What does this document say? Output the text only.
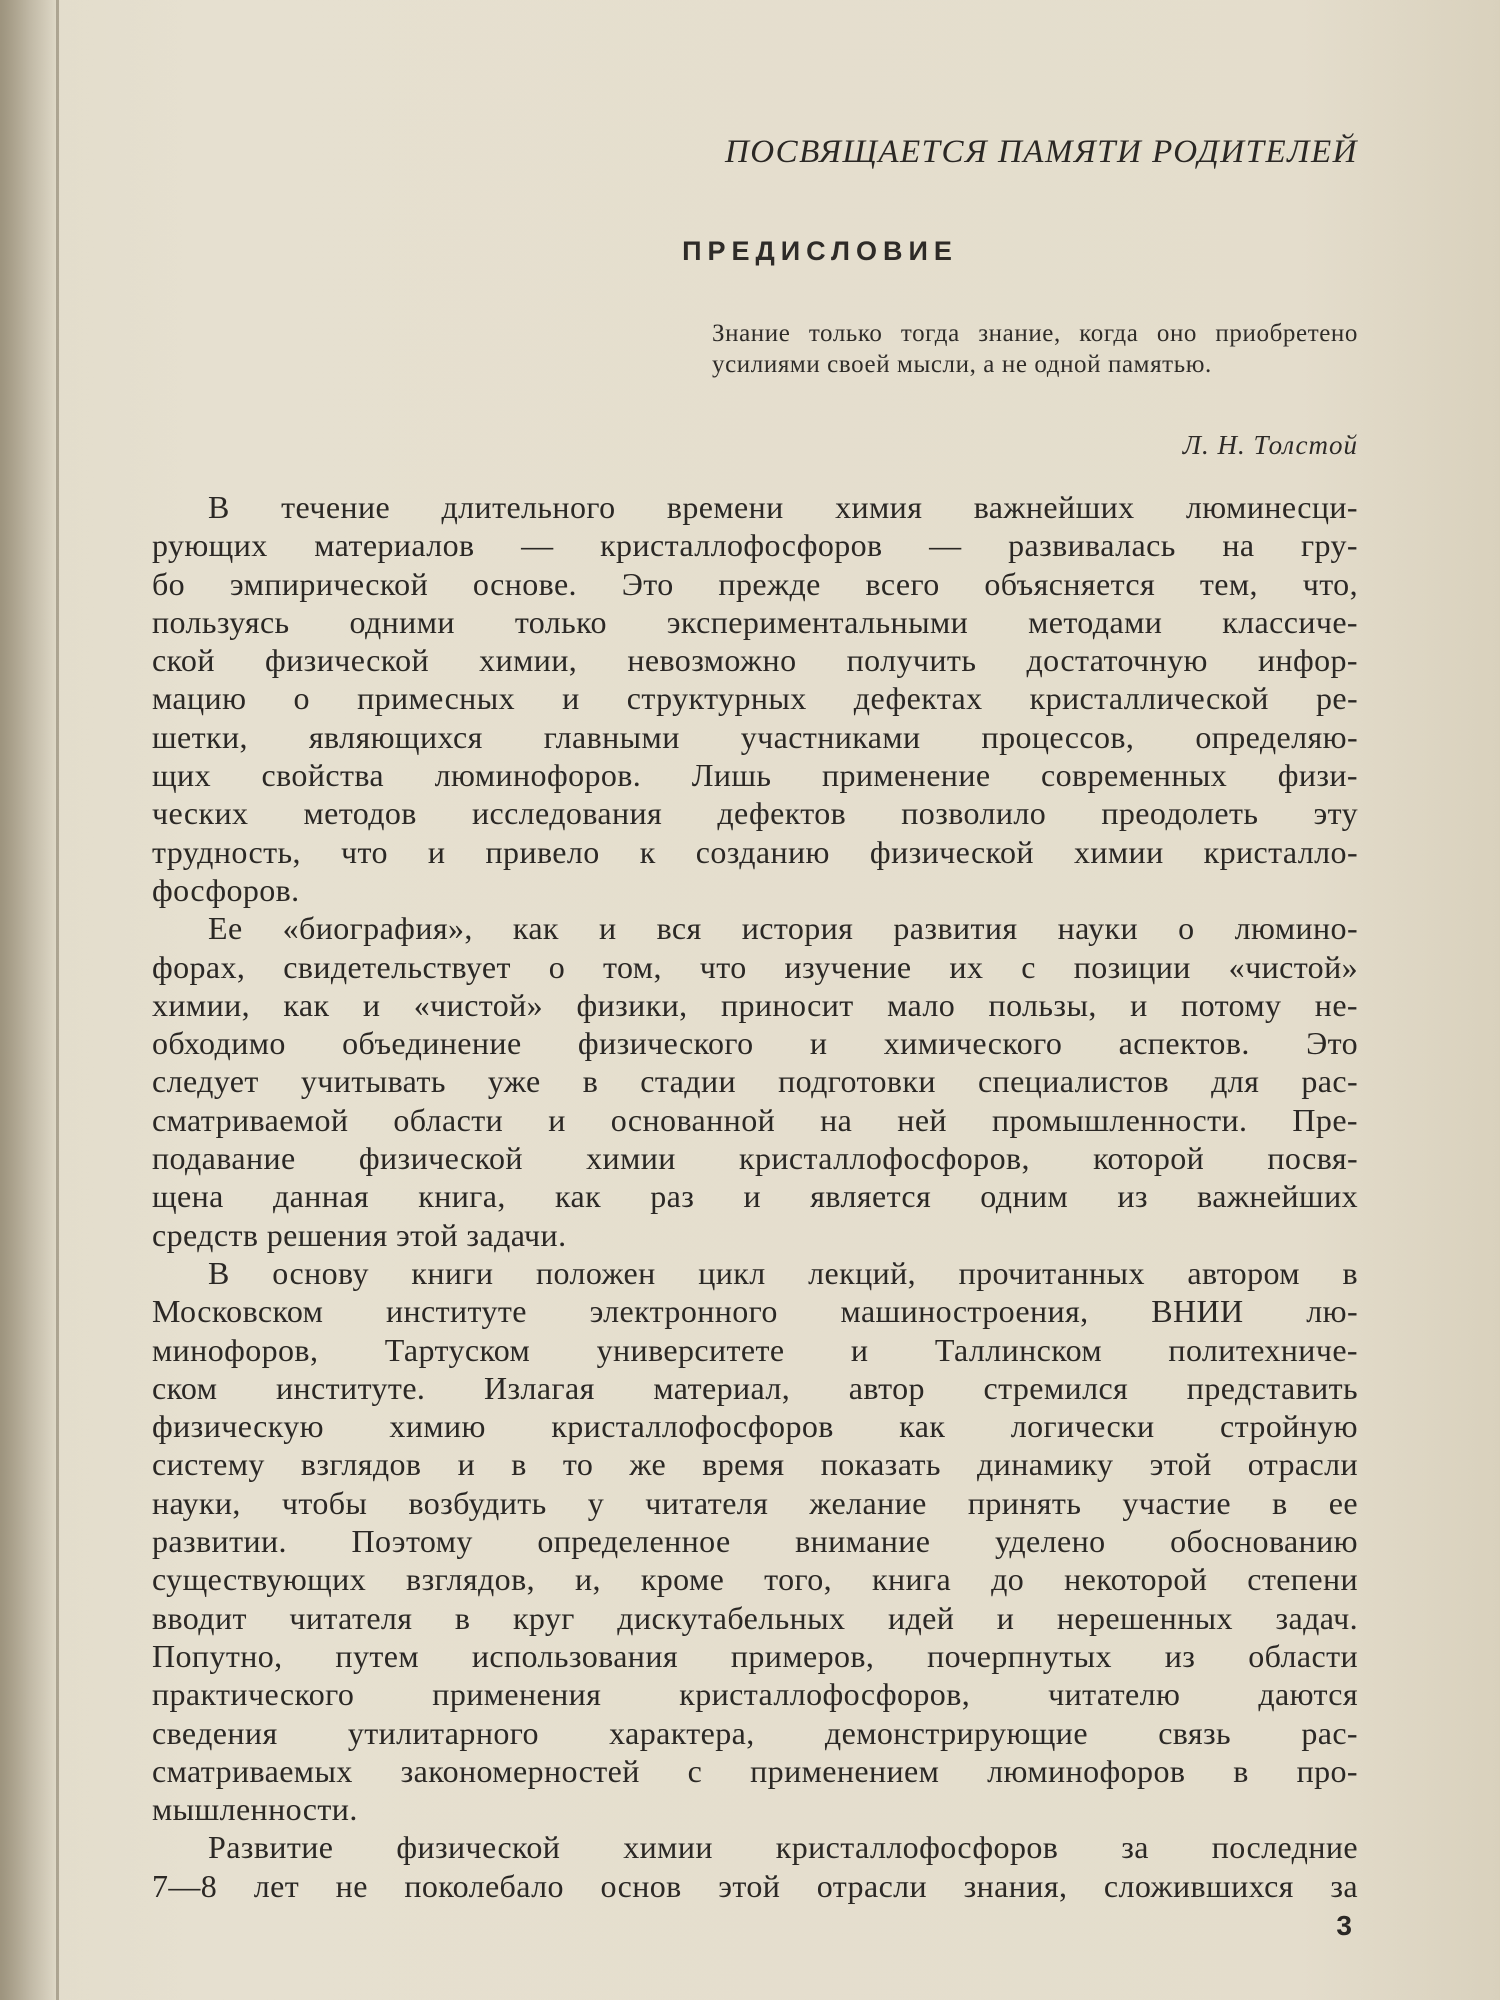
ПОСВЯЩАЕТСЯ ПАМЯТИ РОДИТЕЛЕЙ
ПРЕДИСЛОВИЕ
Знание только тогда знание, когда оно приобретено усилиями своей мысли, а не одной памятью.
Л. Н. Толстой
В течение длительного времени химия важнейших люминесци-
рующих материалов — кристаллофосфоров — развивалась на гру-
бо эмпирической основе. Это прежде всего объясняется тем, что,
пользуясь одними только экспериментальными методами классиче-
ской физической химии, невозможно получить достаточную инфор-
мацию о примесных и структурных дефектах кристаллической ре-
шетки, являющихся главными участниками процессов, определяю-
щих свойства люминофоров. Лишь применение современных физи-
ческих методов исследования дефектов позволило преодолеть эту
трудность, что и привело к созданию физической химии кристалло-
фосфоров.
Ее «биография», как и вся история развития науки о люмино-
форах, свидетельствует о том, что изучение их с позиции «чистой»
химии, как и «чистой» физики, приносит мало пользы, и потому не-
обходимо объединение физического и химического аспектов. Это
следует учитывать уже в стадии подготовки специалистов для рас-
сматриваемой области и основанной на ней промышленности. Пре-
подавание физической химии кристаллофосфоров, которой посвя-
щена данная книга, как раз и является одним из важнейших
средств решения этой задачи.
В основу книги положен цикл лекций, прочитанных автором в
Московском институте электронного машиностроения, ВНИИ лю-
минофоров, Тартуском университете и Таллинском политехниче-
ском институте. Излагая материал, автор стремился представить
физическую химию кристаллофосфоров как логически стройную
систему взглядов и в то же время показать динамику этой отрасли
науки, чтобы возбудить у читателя желание принять участие в ее
развитии. Поэтому определенное внимание уделено обоснованию
существующих взглядов, и, кроме того, книга до некоторой степени
вводит читателя в круг дискутабельных идей и нерешенных задач.
Попутно, путем использования примеров, почерпнутых из области
практического применения кристаллофосфоров, читателю даются
сведения утилитарного характера, демонстрирующие связь рас-
сматриваемых закономерностей с применением люминофоров в про-
мышленности.
Развитие физической химии кристаллофосфоров за последние
7—8 лет не поколебало основ этой отрасли знания, сложившихся за
3
